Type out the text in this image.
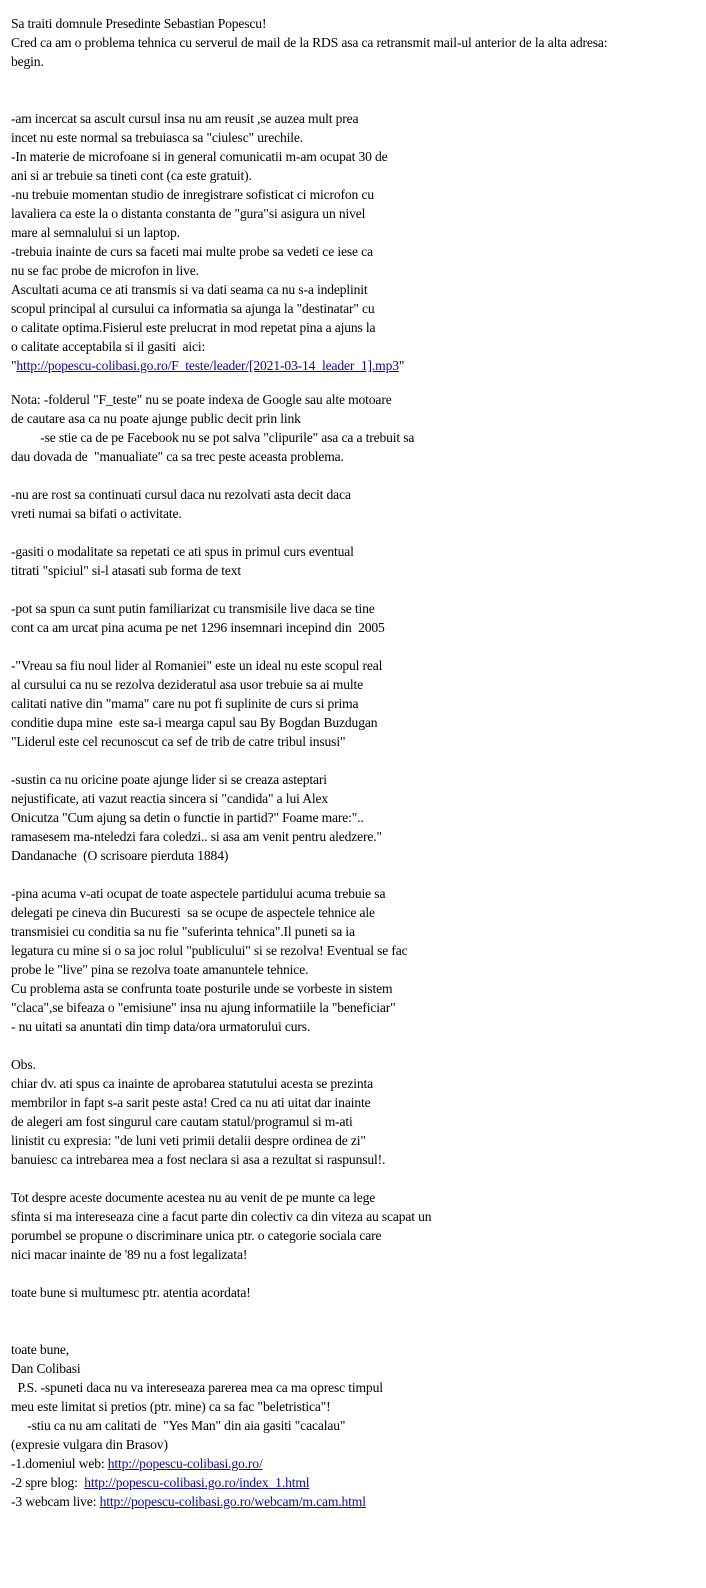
Sa traiti domnule Presedinte Sebastian Popescu!
Cred ca am o problema tehnica cu serverul de mail de la RDS asa ca retransmit mail-ul anterior de la alta adresa:
begin.
-am incercat sa ascult cursul insa nu am reusit ,se auzea mult prea
incet nu este normal sa trebuiasca sa "ciulesc" urechile.
-In materie de microfoane si in general comunicatii m-am ocupat 30 de
ani si ar trebuie sa tineti cont (ca este gratuit).
-nu trebuie momentan studio de inregistrare sofisticat ci microfon cu
lavaliera ca este la o distanta constanta de "gura"si asigura un nivel
mare al semnalului si un laptop.
-trebuia inainte de curs sa faceti mai multe probe sa vedeti ce iese ca
nu se fac probe de microfon in live.
Ascultati acuma ce ati transmis si va dati seama ca nu s-a indeplinit
scopul principal al cursului ca informatia sa ajunga la "destinatar" cu
o calitate optima.Fisierul este prelucrat in mod repetat pina a ajuns la
o calitate acceptabila si il gasiti  aici:
"http://popescu-colibasi.go.ro/F_teste/leader/[2021-03-14_leader_1].mp3"
Nota: -folderul "F_teste" nu se poate indexa de Google sau alte motoare
de cautare asa ca nu poate ajunge public decit prin link
-se stie ca de pe Facebook nu se pot salva "clipurile" asa ca a trebuit sa
dau dovada de  "manualiate" ca sa trec peste aceasta problema.
-nu are rost sa continuati cursul daca nu rezolvati asta decit daca
vreti numai sa bifati o activitate.
-gasiti o modalitate sa repetati ce ati spus in primul curs eventual
titrati "spiciul" si-l atasati sub forma de text
-pot sa spun ca sunt putin familiarizat cu transmisile live daca se tine
cont ca am urcat pina acuma pe net 1296 insemnari incepind din  2005
-"Vreau sa fiu noul lider al Romaniei" este un ideal nu este scopul real
al cursului ca nu se rezolva dezideratul asa usor trebuie sa ai multe
calitati native din "mama" care nu pot fi suplinite de curs si prima
conditie dupa mine  este sa-i mearga capul sau By Bogdan Buzdugan
"Liderul este cel recunoscut ca sef de trib de catre tribul insusi"
-sustin ca nu oricine poate ajunge lider si se creaza asteptari
nejustificate, ati vazut reactia sincera si "candida" a lui Alex
Onicutza "Cum ajung sa detin o functie in partid?" Foame mare:"..
ramasesem ma-nteledzi fara coledzi.. si asa am venit pentru aledzere."
Dandanache  (O scrisoare pierduta 1884)
-pina acuma v-ati ocupat de toate aspectele partidului acuma trebuie sa
delegati pe cineva din Bucuresti  sa se ocupe de aspectele tehnice ale
transmisiei cu conditia sa nu fie "suferinta tehnica".Il puneti sa ia
legatura cu mine si o sa joc rolul "publicului" si se rezolva! Eventual se fac
probe le "live" pina se rezolva toate amanuntele tehnice.
Cu problema asta se confrunta toate posturile unde se vorbeste in sistem
"claca",se bifeaza o "emisiune" insa nu ajung informatiile la "beneficiar"
- nu uitati sa anuntati din timp data/ora urmatorului curs.
Obs.
chiar dv. ati spus ca inainte de aprobarea statutului acesta se prezinta
membrilor in fapt s-a sarit peste asta! Cred ca nu ati uitat dar inainte
de alegeri am fost singurul care cautam statul/programul si m-ati
linistit cu expresia: "de luni veti primii detalii despre ordinea de zi"
banuiesc ca intrebarea mea a fost neclara si asa a rezultat si raspunsul!.
Tot despre aceste documente acestea nu au venit de pe munte ca lege
sfinta si ma intereseaza cine a facut parte din colectiv ca din viteza au scapat un
porumbel se propune o discriminare unica ptr. o categorie sociala care
nici macar inainte de '89 nu a fost legalizata!
toate bune si multumesc ptr. atentia acordata!
toate bune,
Dan Colibasi
P.S. -spuneti daca nu va intereseaza parerea mea ca ma opresc timpul
meu este limitat si pretios (ptr. mine) ca sa fac "beletristica"!
-stiu ca nu am calitati de  "Yes Man" din aia gasiti "cacalau"
(expresie vulgara din Brasov)
-1.domeniul web: http://popescu-colibasi.go.ro/
-2 spre blog:  http://popescu-colibasi.go.ro/index_1.html
-3 webcam live: http://popescu-colibasi.go.ro/webcam/m.cam.html
